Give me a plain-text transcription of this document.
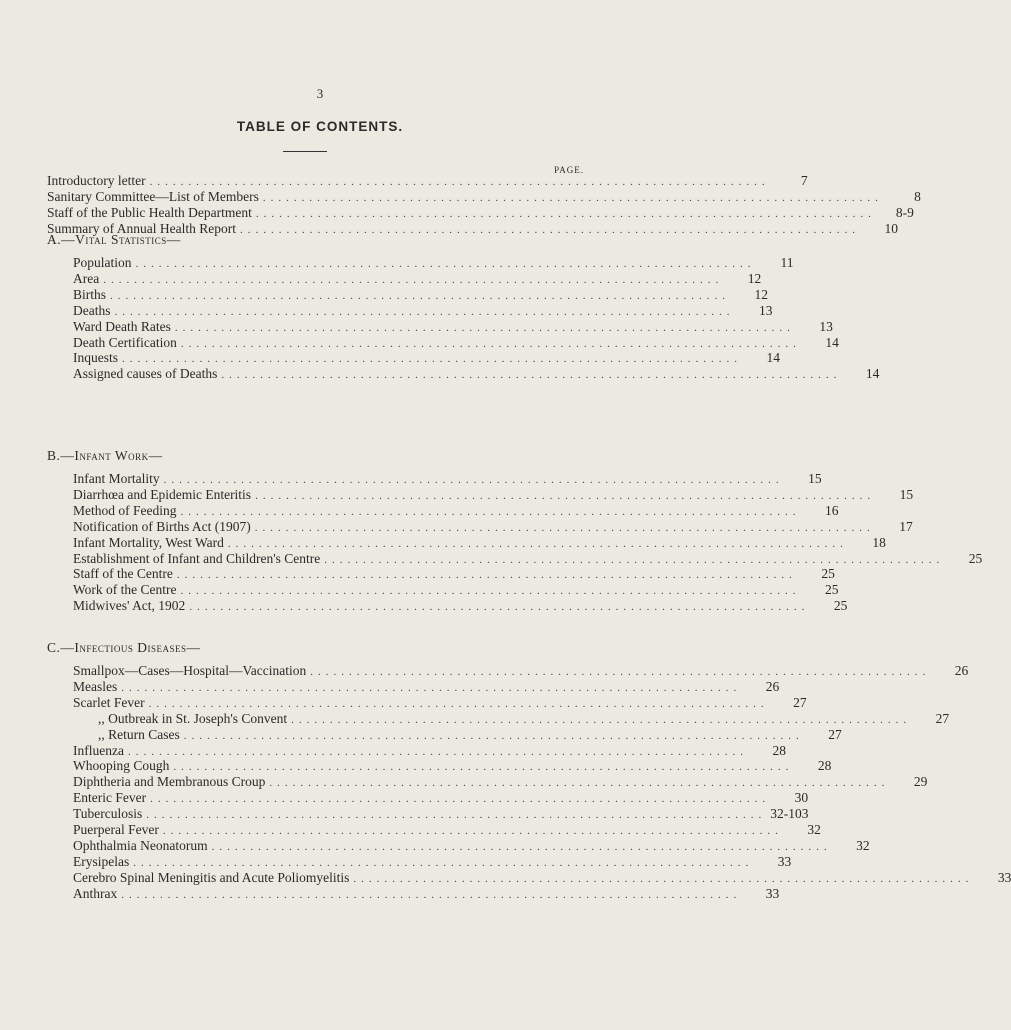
3
TABLE OF CONTENTS.
PAGE.
Introductory letter ................................................................................	7
Sanitary Committee—List of Members ................................................................................	8
Staff of the Public Health Department ................................................................................	8-9
Summary of Annual Health Report ................................................................................	10
A.—Vital Statistics—
Population ................................................................................	11
Area ................................................................................	12
Births ................................................................................	12
Deaths ................................................................................	13
Ward Death Rates ................................................................................	13
Death Certification ................................................................................	14
Inquests ................................................................................	14
Assigned causes of Deaths ................................................................................	14
B.—Infant Work—
Infant Mortality ................................................................................	15
Diarrhœa and Epidemic Enteritis ................................................................................	15
Method of Feeding ................................................................................	16
Notification of Births Act (1907) ................................................................................	17
Infant Mortality, West Ward ................................................................................	18
Establishment of Infant and Children's Centre ................................................................................	25
Staff of the Centre ................................................................................	25
Work of the Centre ................................................................................	25
Midwives' Act, 1902 ................................................................................	25
C.—Infectious Diseases—
Smallpox—Cases—Hospital—Vaccination ................................................................................	26
Measles ................................................................................	26
Scarlet Fever ................................................................................	27
,, Outbreak in St. Joseph's Convent ................................................................................	27
,, Return Cases ................................................................................	27
Influenza ................................................................................	28
Whooping Cough ................................................................................	28
Diphtheria and Membranous Croup ................................................................................	29
Enteric Fever ................................................................................	30
Tuberculosis ................................................................................ 32-103
Puerperal Fever ................................................................................	32
Ophthalmia Neonatorum ................................................................................	32
Erysipelas ................................................................................	33
Cerebro Spinal Meningitis and Acute Poliomyelitis ................................................................................	33
Anthrax ................................................................................	33
